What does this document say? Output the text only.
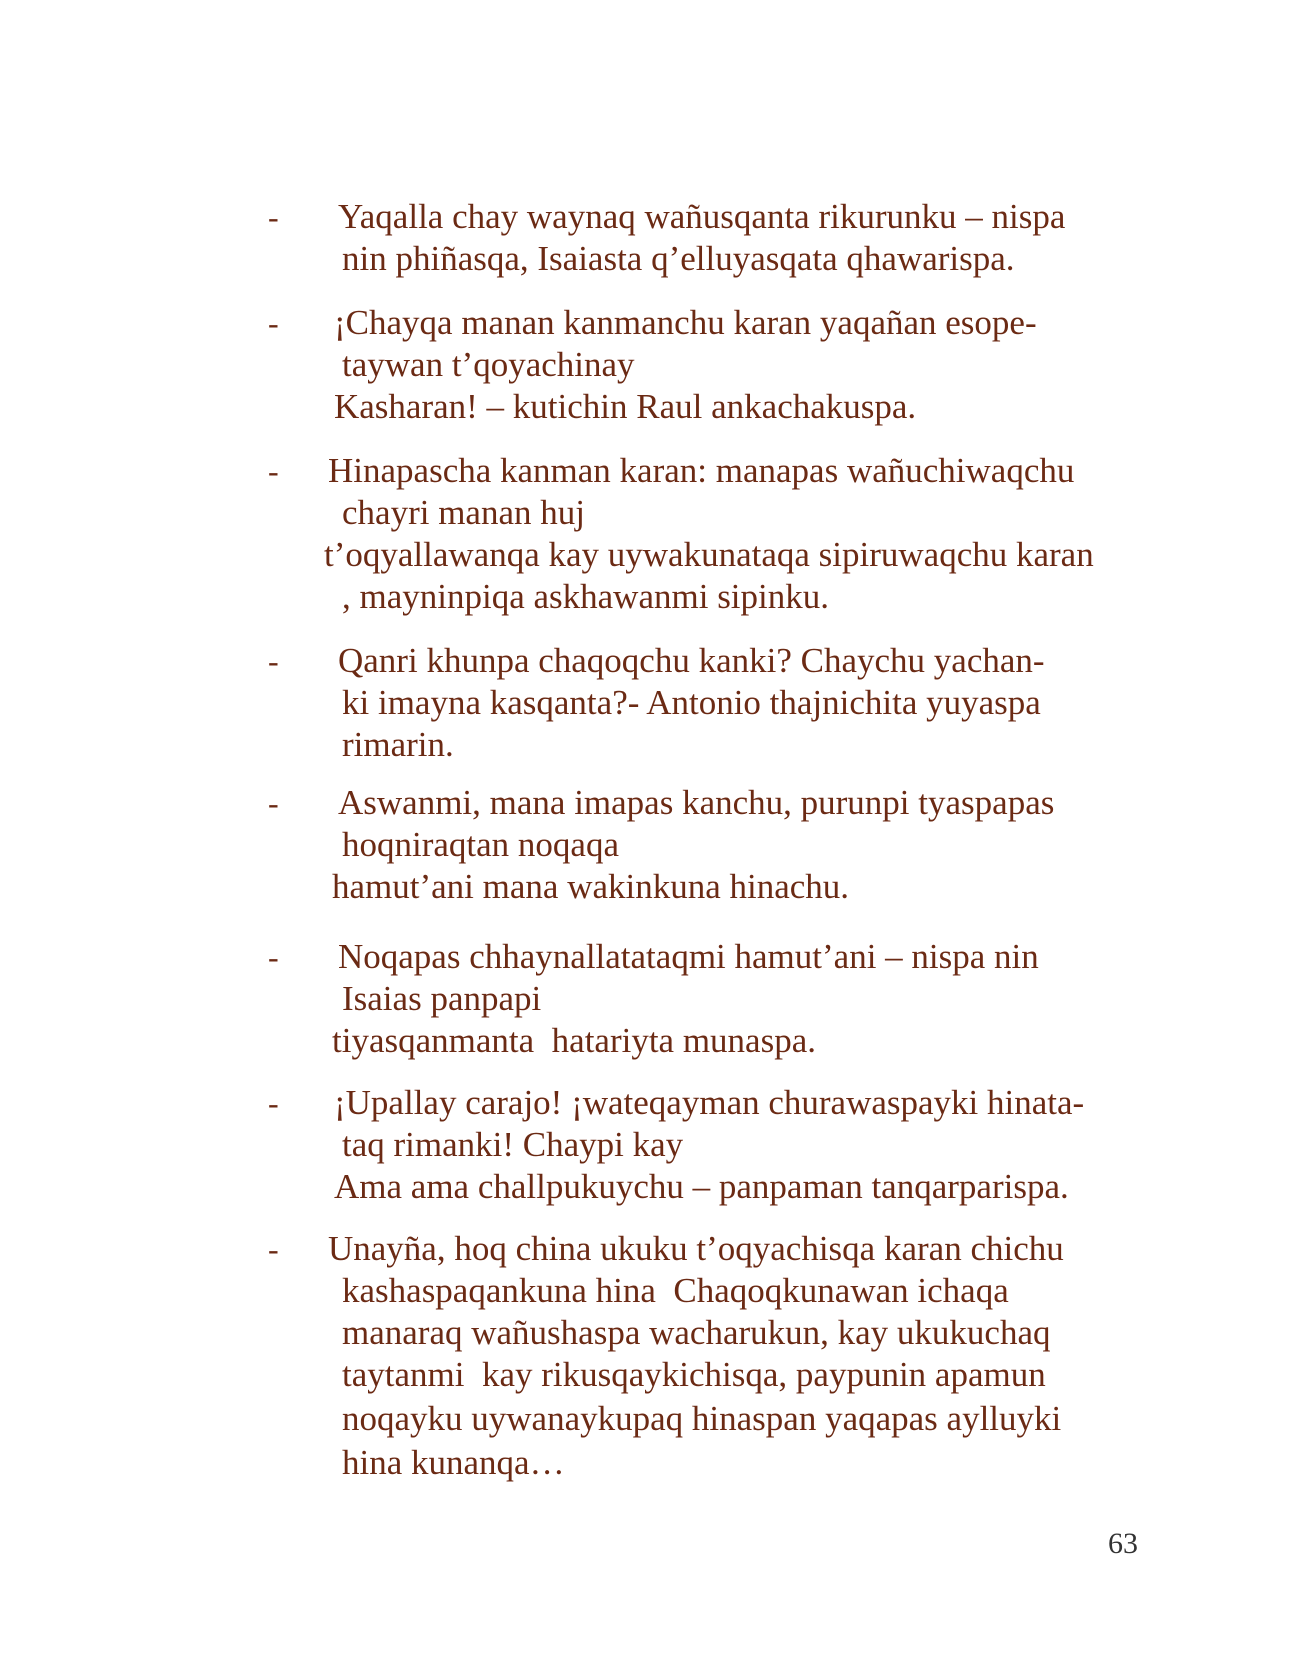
- Yaqalla chay waynaq wañusqanta rikurunku – nispa
nin phiñasqa, Isaiasta q’elluyasqata qhawarispa.
- ¡Chayqa manan kanmanchu karan yaqañan esope-
taywan t’qoyachinay
Kasharan! – kutichin Raul ankachakuspa.
- Hinapascha kanman karan: manapas wañuchiwaqchu
chayri manan huj
t’oqyallawanqa kay uywakunataqa sipiruwaqchu karan
, mayninpiqa askhawanmi sipinku.
- Qanri khunpa chaqoqchu kanki? Chaychu yachan-
ki imayna kasqanta?- Antonio thajnichita yuyaspa
rimarin.
- Aswanmi, mana imapas kanchu, purunpi tyaspapas
hoqniraqtan noqaqa
hamut’ani mana wakinkuna hinachu.
- Noqapas chhaynallatataqmi hamut’ani – nispa nin
Isaias panpapi
tiyasqanmanta  hatariyta munaspa.
- ¡Upallay carajo! ¡wateqayman churawaspayki hinata-
taq rimanki! Chaypi kay
Ama ama challpukuychu – panpaman tanqarparispa.
- Unayña, hoq china ukuku t’oqyachisqa karan chichu
kashaspaqankuna hina  Chaqoqkunawan ichaqa
manaraq wañushaspa wacharukun, kay ukukuchaq
taytanmi  kay rikusqaykichisqa, paypunin apamun
noqayku uywanaykupaq hinaspan yaqapas aylluyki
hina kunanqa…
63
